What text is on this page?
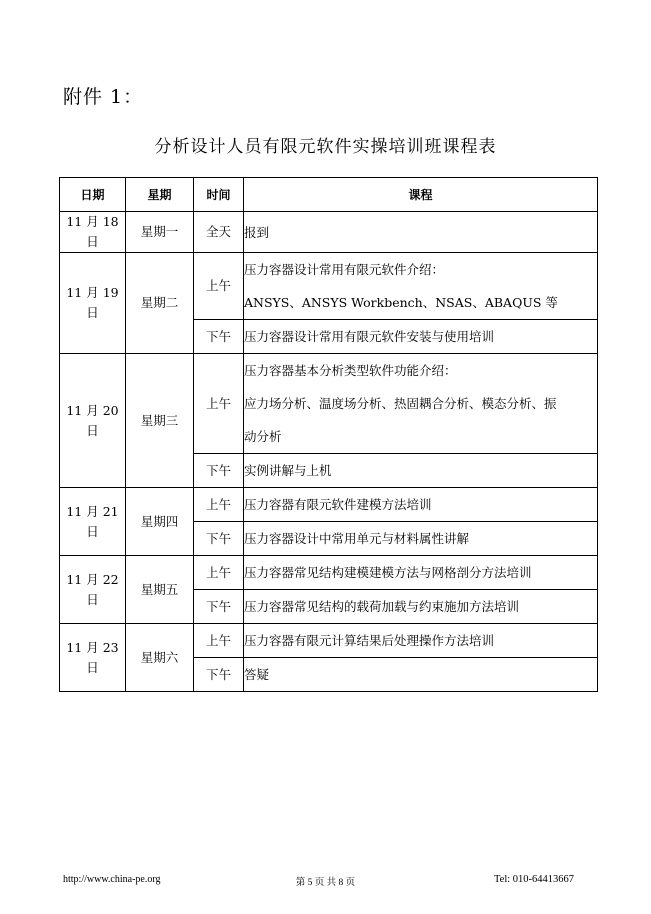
附件 1：
分析设计人员有限元软件实操培训班课程表
日期	星期	时间	课程
11 月 18 日	星期一	全天	报到

11 月 19 日	星期二	上午	压力容器设计常用有限元软件介绍：
ANSYS、ANSYS Workbench、NSAS、ABAQUS 等

		下午	压力容器设计常用有限元软件安装与使用培训

11 月 20 日	星期三	上午	压力容器基本分析类型软件功能介绍：
应力场分析、温度场分析、热固耦合分析、模态分析、振
动分析

		下午	实例讲解与上机

11 月 21 日	星期四	上午	压力容器有限元软件建模方法培训

		下午	压力容器设计中常用单元与材料属性讲解

11 月 22 日	星期五	上午	压力容器常见结构建模建模方法与网格剖分方法培训

		下午	压力容器常见结构的载荷加载与约束施加方法培训

11 月 23 日	星期六	上午	压力容器有限元计算结果后处理操作方法培训

		下午	答疑
http://www.china-pe.org	第 5 页 共 8 页	Tel: 010-64413667
